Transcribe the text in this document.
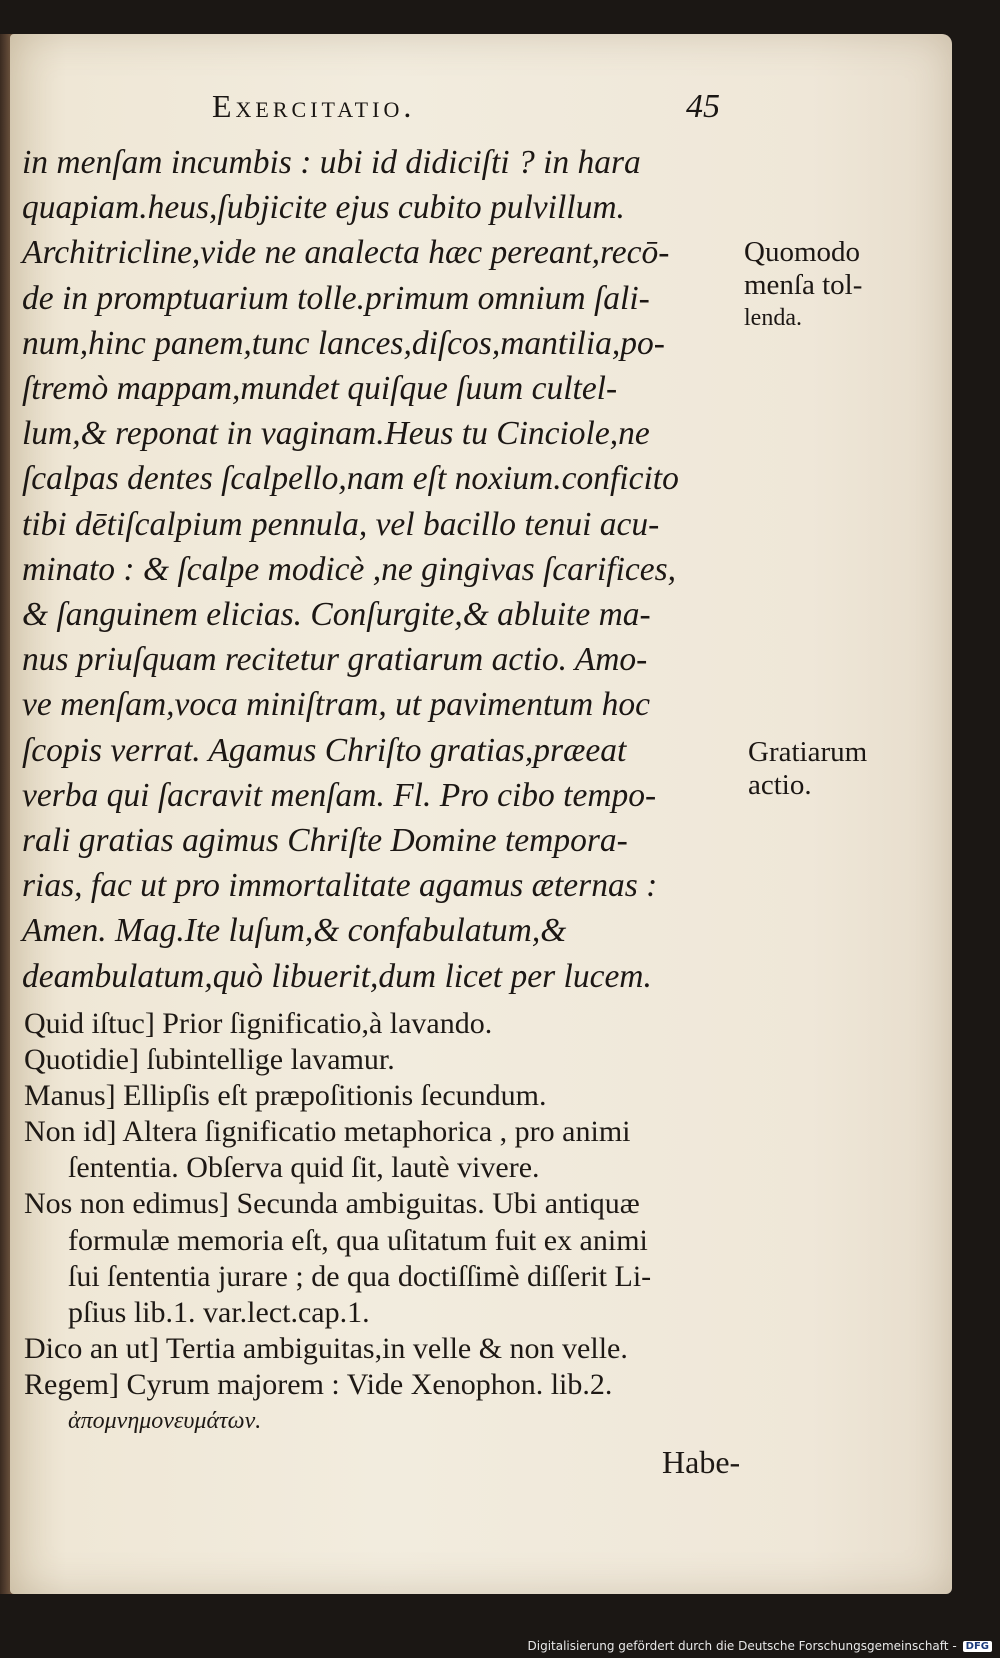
Exercitatio.	45
in menſam incumbis : ubi id didiciſti ? in hara
quapiam.heus,ſubjicite ejus cubito pulvillum.
Architricline,vide ne analecta hæc pereant,recō-
de in promptuarium tolle.primum omnium ſali-
num,hinc panem,tunc lances,diſcos,mantilia,po-
ſtremò mappam,mundet quiſque ſuum cultel-
lum,& reponat in vaginam.Heus tu Cinciole,ne
ſcalpas dentes ſcalpello,nam eſt noxium.conficito
tibi dētiſcalpium pennula, vel bacillo tenui acu-
minato : & ſcalpe modicè ,ne gingivas ſcarifices,
& ſanguinem elicias. Conſurgite,& abluite ma-
nus priuſquam recitetur gratiarum actio. Amo-
ve menſam,voca miniſtram, ut pavimentum hoc
ſcopis verrat. Agamus Chriſto gratias,præeat
verba qui ſacravit menſam. Fl. Pro cibo tempo-
rali gratias agimus Chriſte Domine tempora-
rias, fac ut pro immortalitate agamus æternas :
Amen. Mag.Ite luſum,& confabulatum,&
deambulatum,quò libuerit,dum licet per lucem.
Quomodo
menſa tol-
lenda.
Gratiarum
actio.
Quid iſtuc] Prior ſignificatio,à lavando.
Quotidie] ſubintellige lavamur.
Manus] Ellipſis eſt præpoſitionis ſecundum.
Non id] Altera ſignificatio metaphorica , pro animi
ſententia. Obſerva quid ſit, lautè vivere.
Nos non edimus] Secunda ambiguitas. Ubi antiquæ
formulæ memoria eſt, qua uſitatum fuit ex animi
ſui ſententia jurare ; de qua doctiſſimè diſſerit Li-
pſius lib.1. var.lect.cap.1.
Dico an ut] Tertia ambiguitas,in velle & non velle.
Regem] Cyrum majorem : Vide Xenophon. lib.2.
ἀπομνημονευμάτων.
Habe-
Digitalisierung gefördert durch die Deutsche Forschungsgemeinschaft - DFG
